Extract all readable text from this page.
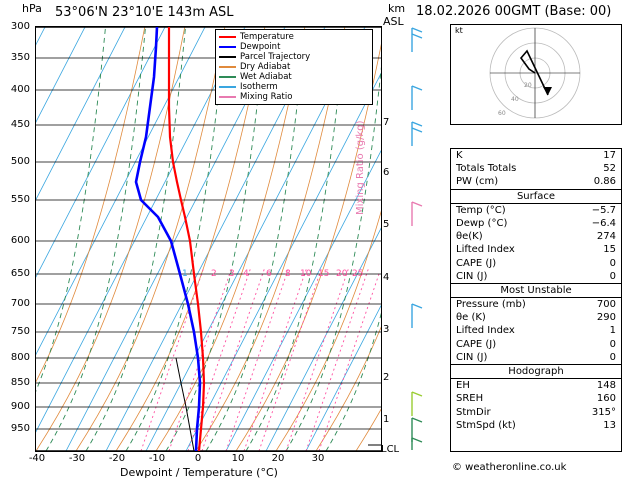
hPa 53°06'N 23°10'E 143m ASL	km
ASL
18.02.2026 00GMT (Base: 00)
Temperature
Dewpoint
Parcel Trajectory
Dry Adiabat
Wet Adiabat
Isotherm
Mixing Ratio
300
350
400
450
500
550
600
650
700
750
800
850
900
950
-40	-30	-20	-10	0	10	20	30
Dewpoint / Temperature (°C)
7
6
5
4
3
2
1
LCL
2 3 4 6 8 10 15 20 25
1
Mixing Ratio (g/kg)
20
40
60
kt
K	17
Totals Totals	52
PW (cm)	0.86
Surface
Temp (°C)	−5.7
Dewp (°C)	−6.4
θe(K)	274
Lifted Index	15
CAPE (J)	0
CIN (J)	0
Most Unstable
Pressure (mb)	700
θe (K)	290
Lifted Index	1
CAPE (J)	0
CIN (J)	0
Hodograph
EH	148
SREH	160
StmDir	315°
StmSpd (kt)	13
© weatheronline.co.uk
